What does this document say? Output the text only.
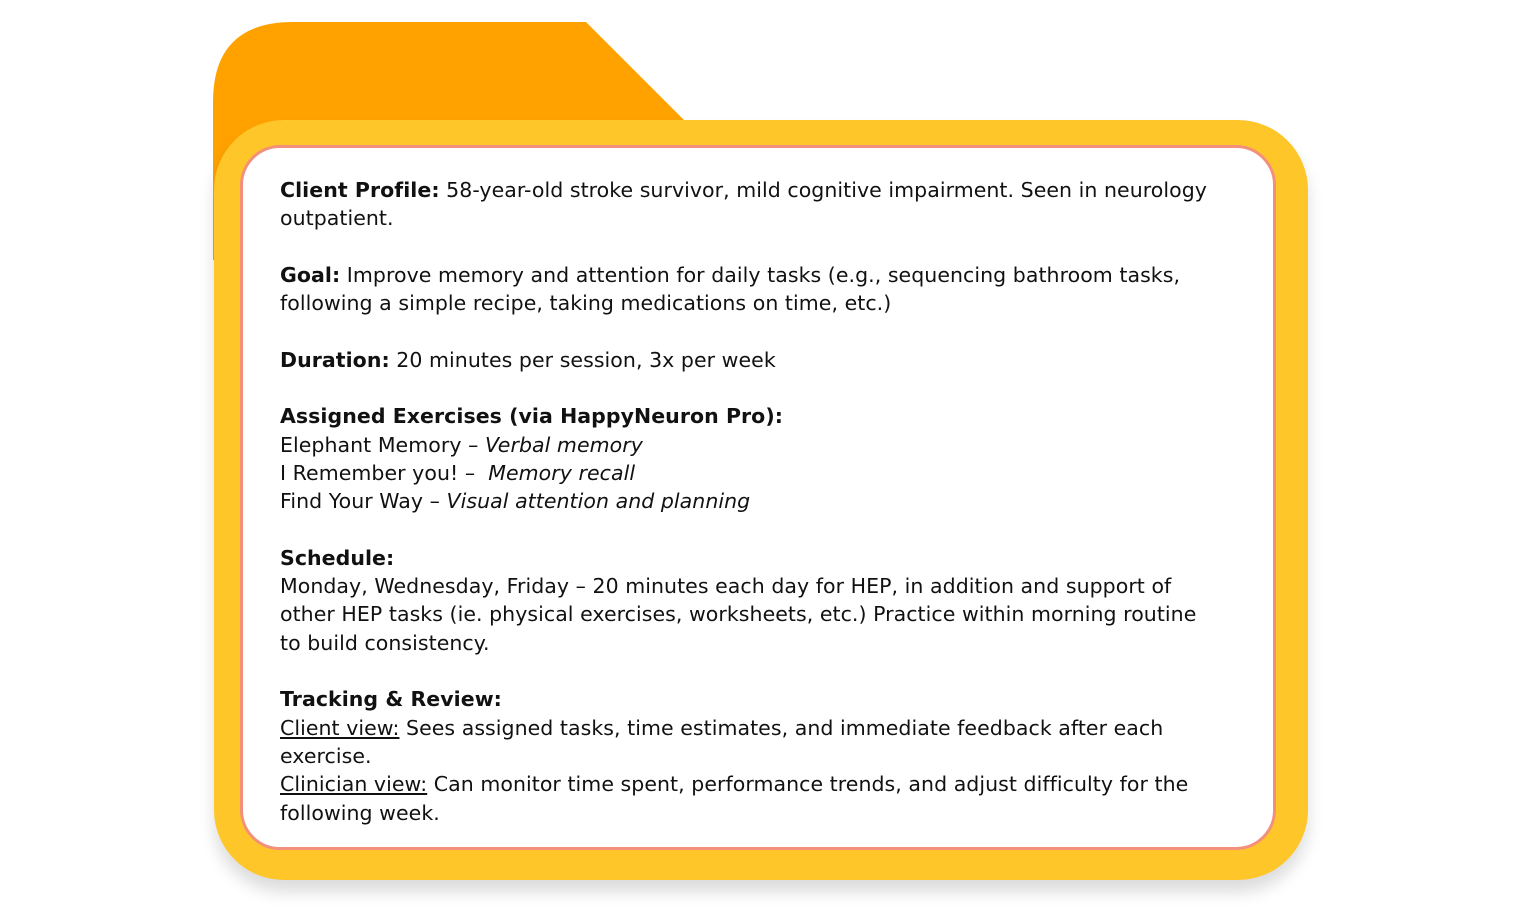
Client Profile: 58-year-old stroke survivor, mild cognitive impairment. Seen in neurology
outpatient.
Goal: Improve memory and attention for daily tasks (e.g., sequencing bathroom tasks,
following a simple recipe, taking medications on time, etc.)
Duration: 20 minutes per session, 3x per week
Assigned Exercises (via HappyNeuron Pro):
Elephant Memory – Verbal memory
I Remember you! –  Memory recall
Find Your Way – Visual attention and planning
Schedule:
Monday, Wednesday, Friday – 20 minutes each day for HEP, in addition and support of
other HEP tasks (ie. physical exercises, worksheets, etc.) Practice within morning routine
to build consistency.
Tracking & Review:
Client view: Sees assigned tasks, time estimates, and immediate feedback after each
exercise.
Clinician view: Can monitor time spent, performance trends, and adjust difficulty for the
following week.
